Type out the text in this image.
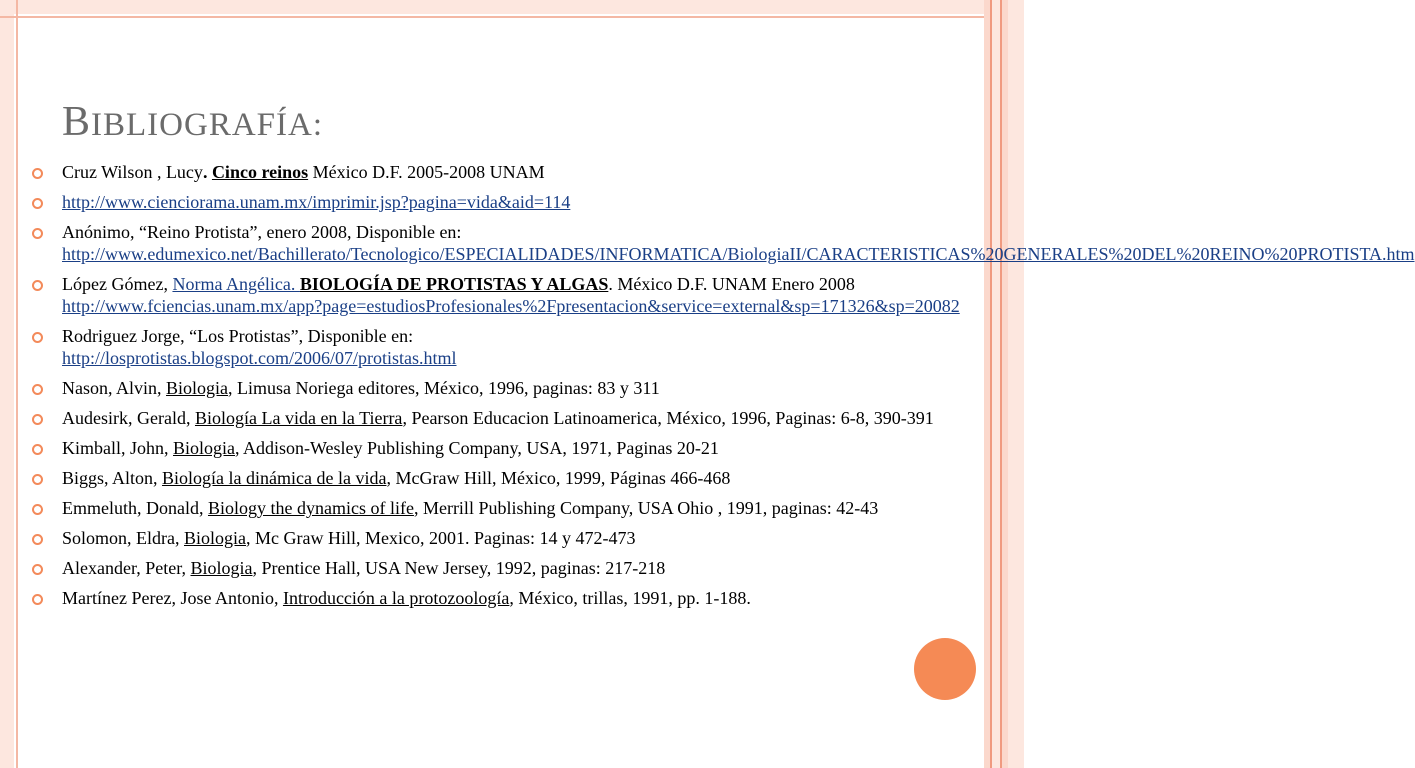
BIBLIOGRAFÍA:
Cruz Wilson , Lucy. Cinco reinos México D.F. 2005-2008 UNAM
http://www.cienciorama.unam.mx/imprimir.jsp?pagina=vida&aid=114
Anónimo, “Reino Protista”, enero 2008, Disponible en: http://www.edumexico.net/Bachillerato/Tecnologico/ESPECIALIDADES/INFORMATICA/BiologiaII/CARACTERISTICAS%20GENERALES%20DEL%20REINO%20PROTISTA.htm
López Gómez, Norma Angélica. BIOLOGÍA DE PROTISTAS Y ALGAS. México D.F. UNAM Enero 2008
http://www.fciencias.unam.mx/app?page=estudiosProfesionales%2Fpresentacion&service=external&sp=171326&sp=20082
Rodriguez Jorge, “Los Protistas”, Disponible en:
http://losprotistas.blogspot.com/2006/07/protistas.html
Nason, Alvin, Biologia, Limusa Noriega editores, México, 1996, paginas: 83 y 311
Audesirk, Gerald, Biología La vida en la Tierra, Pearson Educacion Latinoamerica, México, 1996, Paginas: 6-8, 390-391
Kimball, John, Biologia, Addison-Wesley Publishing Company, USA, 1971, Paginas 20-21
Biggs, Alton, Biología la dinámica de la vida, McGraw Hill, México, 1999, Páginas 466-468
Emmeluth, Donald, Biology the dynamics of life, Merrill Publishing Company, USA Ohio , 1991, paginas: 42-43
Solomon, Eldra, Biologia, Mc Graw Hill, Mexico, 2001. Paginas: 14 y 472-473
Alexander, Peter, Biologia, Prentice Hall, USA New Jersey, 1992, paginas: 217-218
Martínez Perez, Jose Antonio, Introducción a la protozoología, México, trillas, 1991, pp. 1-188.
